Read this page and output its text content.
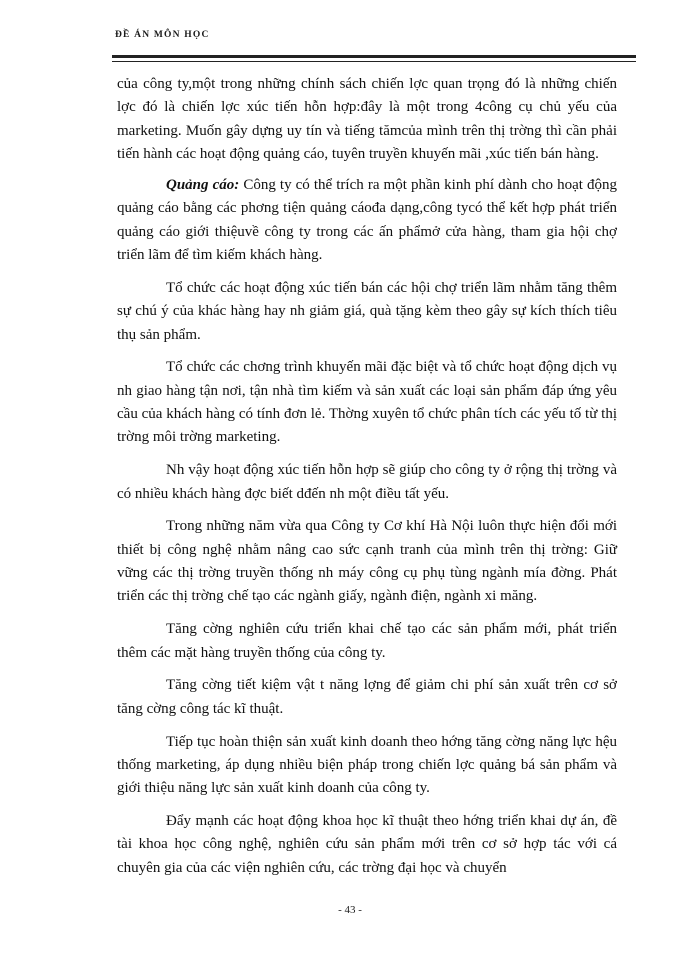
ĐỀ ÁN MÔN HỌC

của công ty,một trong những chính sách chiến lợc quan trọng đó là những chiến lợc đó là chiến lợc xúc tiến hỗn hợp:đây là một trong 4công cụ chủ yếu của marketing. Muốn gây dựng uy tín và tiếng tămcủa mình trên thị trờng thì cần phải tiến hành các hoạt động quảng cáo, tuyên truyền khuyến mãi ,xúc tiến bán hàng.

Quảng cáo: Công ty có thể trích ra một phần kinh phí dành cho hoạt động quảng cáo bằng các phơng tiện quảng cáođa dạng,công tycó thể kết hợp phát triển quảng cáo giới thiệuvề công ty trong các ấn phẩmở cửa hàng, tham gia hội chợ triển lãm để tìm kiếm khách hàng.

Tổ chức các hoạt động xúc tiến bán các hội chợ triển lãm nhằm tăng thêm sự chú ý của khác hàng hay nh giảm giá, quà tặng kèm theo gây sự kích thích tiêu thụ sản phẩm.

Tổ chức các chơng trình khuyến mãi đặc biệt và tổ chức hoạt động dịch vụ nh giao hàng tận nơi, tận nhà tìm kiếm và sản xuất các loại sản phẩm đáp ứng yêu cầu của khách hàng có tính đơn lẻ. Thờng xuyên tổ chức phân tích các yếu tố từ thị trờng môi trờng marketing.

Nh vậy hoạt động xúc tiến hỗn hợp sẽ giúp cho công ty ở rộng thị trờng và có nhiều khách hàng đợc biết dđến nh một điều tất yếu.

Trong những năm vừa qua Công ty Cơ khí Hà Nội luôn thực hiện đổi mới thiết bị công nghệ nhằm nâng cao sức cạnh tranh của mình trên thị trờng: Giữ vững các thị trờng truyền thống nh máy công cụ phụ tùng ngành mía đờng. Phát triển các thị trờng chế tạo các ngành giấy, ngành điện, ngành xi măng.

Tăng cờng nghiên cứu triển khai chế tạo các sản phẩm mới, phát triển thêm các mặt hàng truyền thống của công ty.

Tăng cờng tiết kiệm vật t năng lợng để giảm chi phí sản xuất trên cơ sở tăng cờng công tác kĩ thuật.

Tiếp tục hoàn thiện sản xuất kinh doanh theo hớng tăng cờng năng lực hệu thống marketing, áp dụng nhiều biện pháp trong chiến lợc quảng bá sản phẩm và giới thiệu năng lực sản xuất kinh doanh của công ty.

Đẩy mạnh các hoạt động khoa học kĩ thuật theo hớng triển khai dự án, đề tài khoa học công nghệ, nghiên cứu sản phẩm mới trên cơ sở hợp tác với cá chuyên gia của các viện nghiên cứu, các trờng đại học và chuyển

- 43 -
